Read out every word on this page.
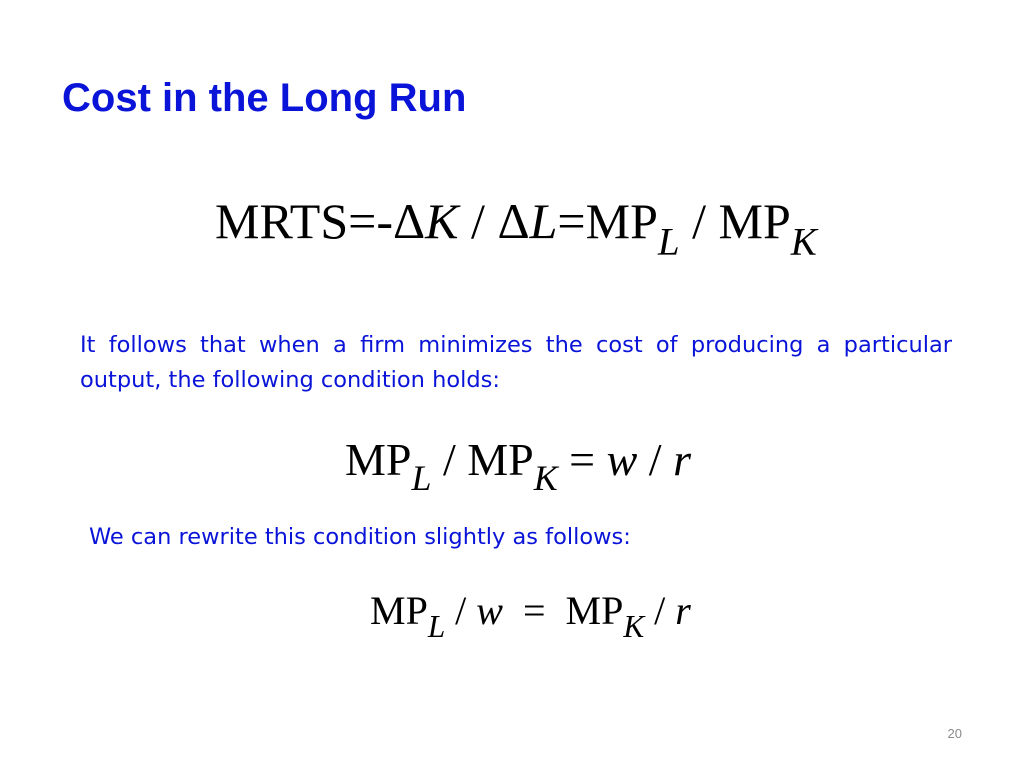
Cost in the Long Run
MRTS=-ΔK / $\Delta L=MP_L / MP_K$

It follows that when a firm minimizes the cost of producing a particular output, the following condition holds:

$MP_L / MP_K = w / r$

We can rewrite this condition slightly as follows:

$MP_L / w = MP_K / r$
20
